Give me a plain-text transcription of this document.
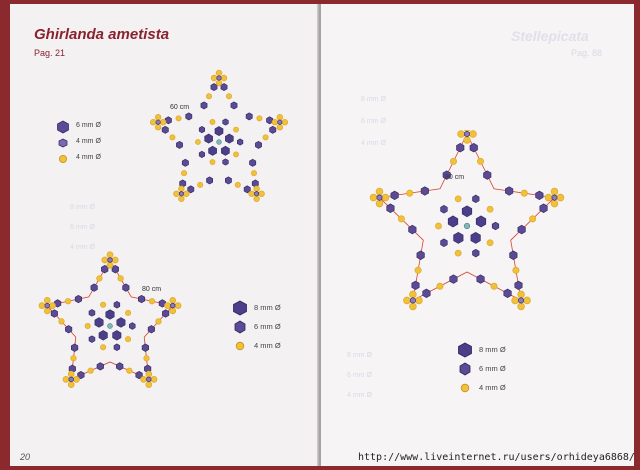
Ghirlanda ametista
Pag. 21
8 mm Ø
6 mm Ø
4 mm Ø
60 cm
80 cm
6 mm Ø
4 mm Ø
4 mm Ø
8 mm Ø
6 mm Ø
4 mm Ø
20
Stellepicata
Pag. 88
8 mm Ø
6 mm Ø
4 mm Ø
8 mm Ø
6 mm Ø
4 mm Ø
80 cm
8 mm Ø
6 mm Ø
4 mm Ø
http://www.liveinternet.ru/users/orhideya6868/
